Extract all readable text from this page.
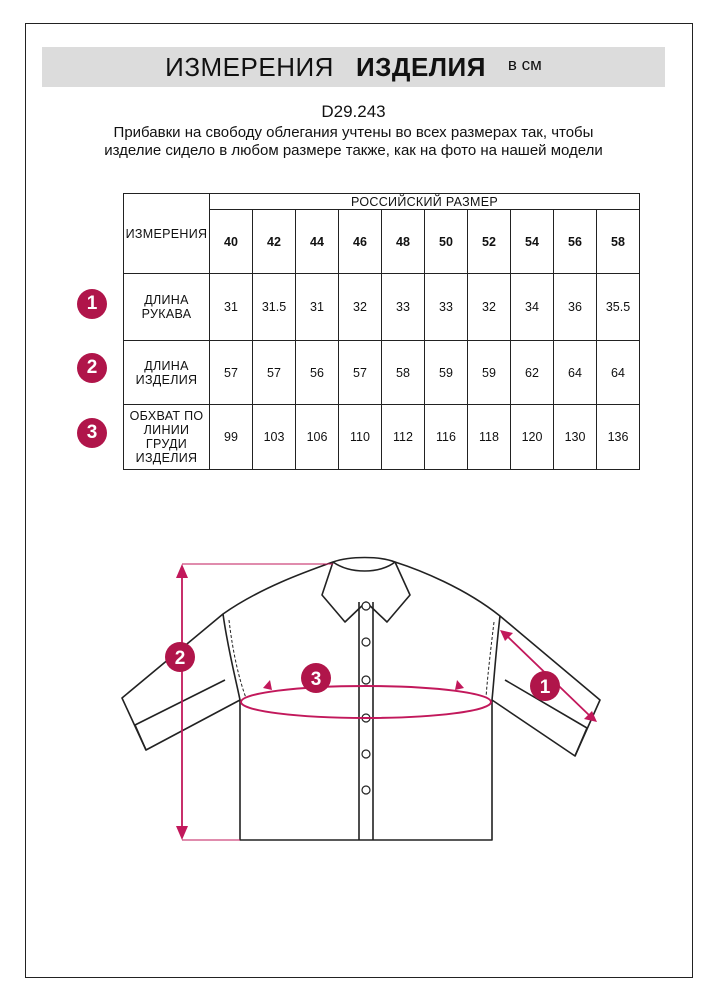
ИЗМЕРЕНИЯ ИЗДЕЛИЯ в см
D29.243
Прибавки на свободу облегания учтены во всех размерах так, чтобы изделие сидело в любом размере также, как на фото на нашей модели
ИЗМЕРЕНИЯ	РОССИЙСКИЙ РАЗМЕР									
	40	42	44	46	48	50	52	54	56	58
ДЛИНА РУКАВА	31	31.5	31	32	33	33	32	34	36	35.5
ДЛИНА ИЗДЕЛИЯ	57	57	56	57	58	59	59	62	64	64
ОБХВАТ ПО ЛИНИИ ГРУДИ ИЗДЕЛИЯ	99	103	106	110	112	116	118	120	130	136
1
2
3
2
3	1
